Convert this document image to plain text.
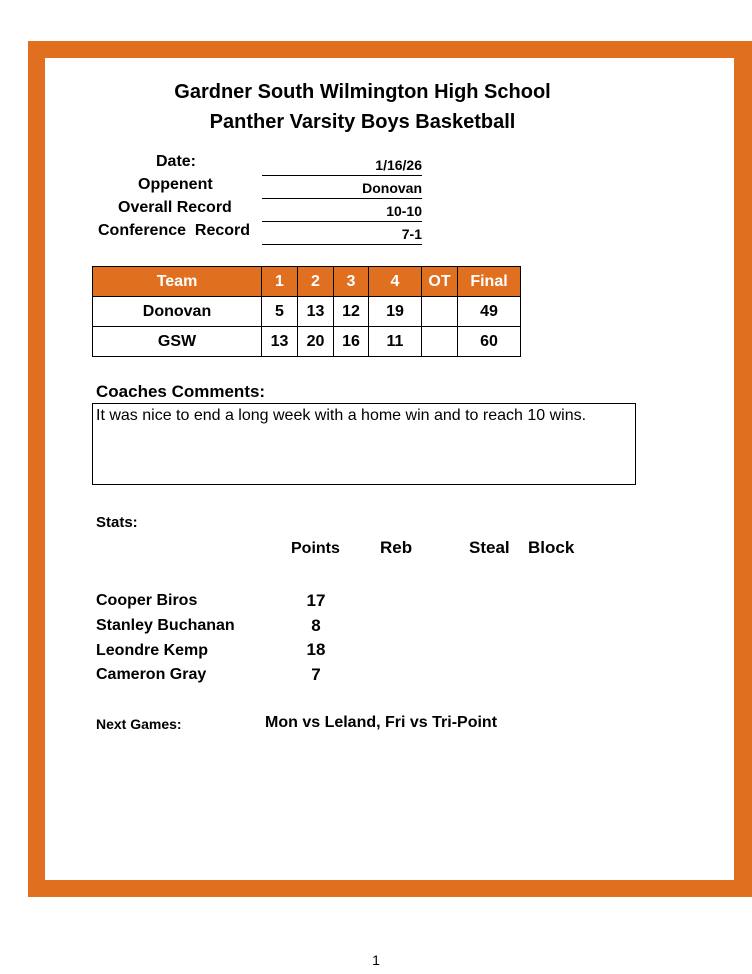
Gardner South Wilmington High School
Panther Varsity Boys Basketball
Date:	1/16/26
Oppenent	Donovan
Overall Record	10-10
Conference  Record	7-1
Team	1	2	3	4	OT	Final
Donovan	5	13	12	19		49
GSW	13	20	16	11		60
Coaches Comments:
It was nice to end a long week with a home win and to reach 10 wins.
Stats:
Points Reb	Steal Block
Cooper Biros	17
Stanley Buchanan	8
Leondre Kemp	18
Cameron Gray	7
Next Games:	Mon vs Leland, Fri vs Tri-Point
1
